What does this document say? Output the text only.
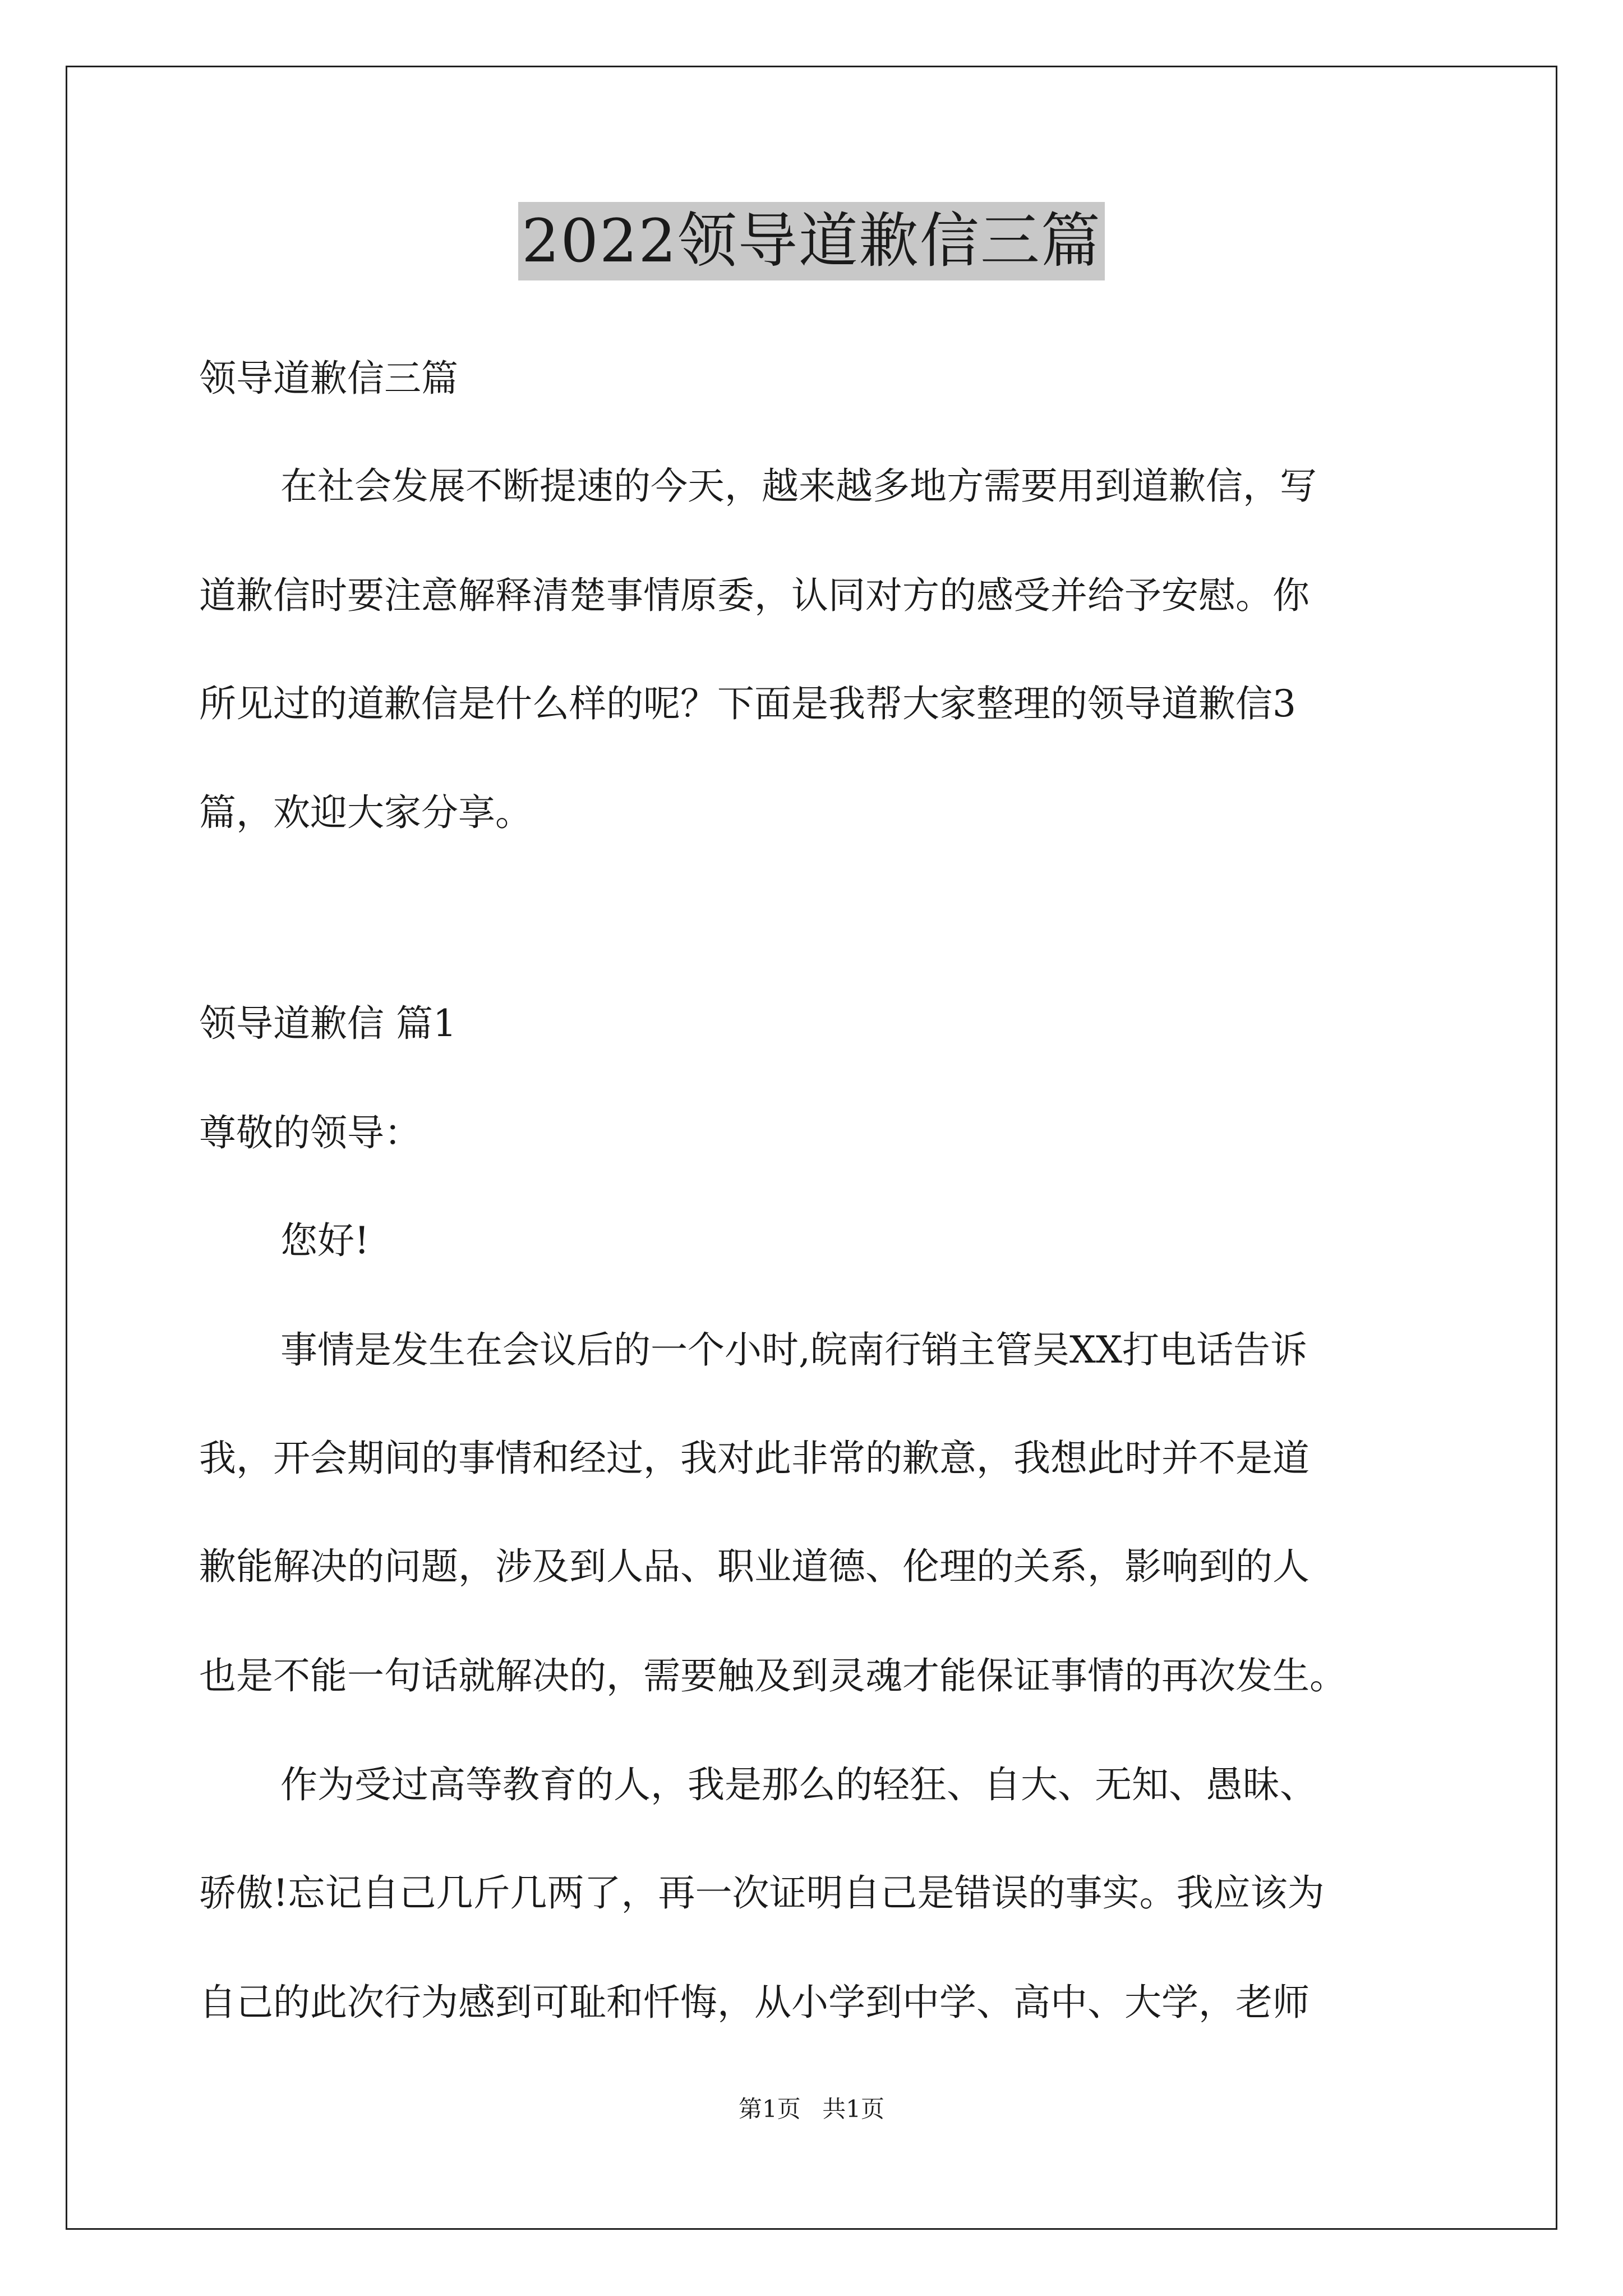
2022领导道歉信三篇
领导道歉信三篇
在社会发展不断提速的今天，越来越多地方需要用到道歉信，写
道歉信时要注意解释清楚事情原委，认同对方的感受并给予安慰。你
所见过的道歉信是什么样的呢？下面是我帮大家整理的领导道歉信3
篇，欢迎大家分享。
领导道歉信 篇1
尊敬的领导：
您好!
事情是发生在会议后的一个小时,皖南行销主管吴XX打电话告诉
我，开会期间的事情和经过，我对此非常的歉意，我想此时并不是道
歉能解决的问题，涉及到人品、职业道德、伦理的关系，影响到的人
也是不能一句话就解决的，需要触及到灵魂才能保证事情的再次发生。
作为受过高等教育的人，我是那么的轻狂、自大、无知、愚昧、
骄傲!忘记自己几斤几两了，再一次证明自己是错误的事实。我应该为
自己的此次行为感到可耻和忏悔，从小学到中学、高中、大学，老师
第1页 共1页
